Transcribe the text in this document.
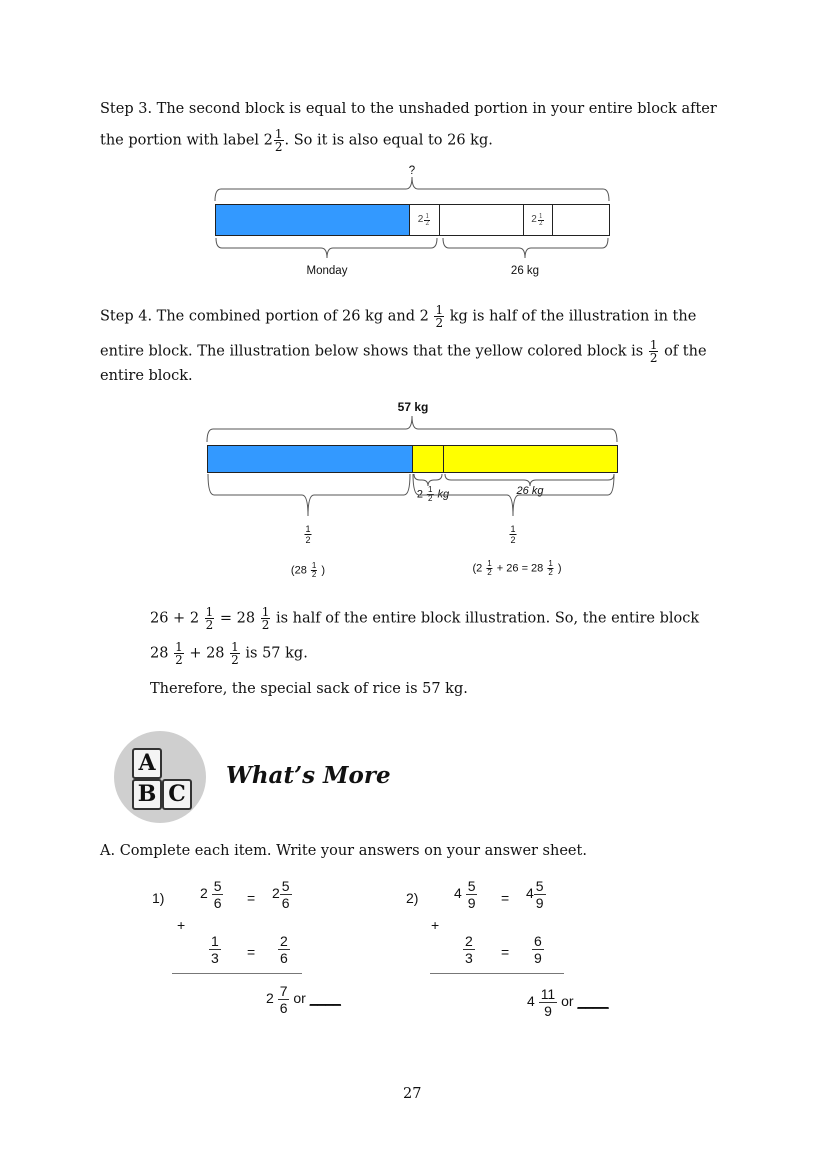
Step 3. The second block is equal to the unshaded portion in your entire block after
the portion with label $2 \frac{1}{2}$ . So it is also equal to 26 kg.
?
$2 \frac{1}{2}$	$2 \frac{1}{2}$
Monday	26 kg
Step 4. The combined portion of 26 kg and $2 \frac{1}{2}$ kg is half of the illustration in the
entire block. The illustration below shows that the yellow colored block is $\frac{1}{2}$ of the
entire block.
57 kg
$2 \frac{1}{2}$ kg	26 kg
$\frac{1}{2}$	$\frac{1}{2}$
($28 \frac{1}{2}$ )	($2 \frac{1}{2} + 26 = 28 \frac{1}{2}$ )
$26 + 2 \frac{1}{2} = 28 \frac{1}{2}$ is half of the entire block illustration. So, the entire block
$28 \frac{1}{2} + 28 \frac{1}{2}$ is 57 kg.
Therefore, the special sack of rice is 57 kg.
A
B C
What’s More
A. Complete each item. Write your answers on your answer sheet.
1)	$2 \frac{5}{6} = 2 \frac{5}{6}$
+
$\frac{1}{3} = \frac{2}{6}$
$2 \frac{7}{6}$ or ____
2)	$4 \frac{5}{9} = 4 \frac{5}{9}$
+
$\frac{2}{3} = \frac{6}{9}$
$4 \frac{11}{9}$ or ____
27
